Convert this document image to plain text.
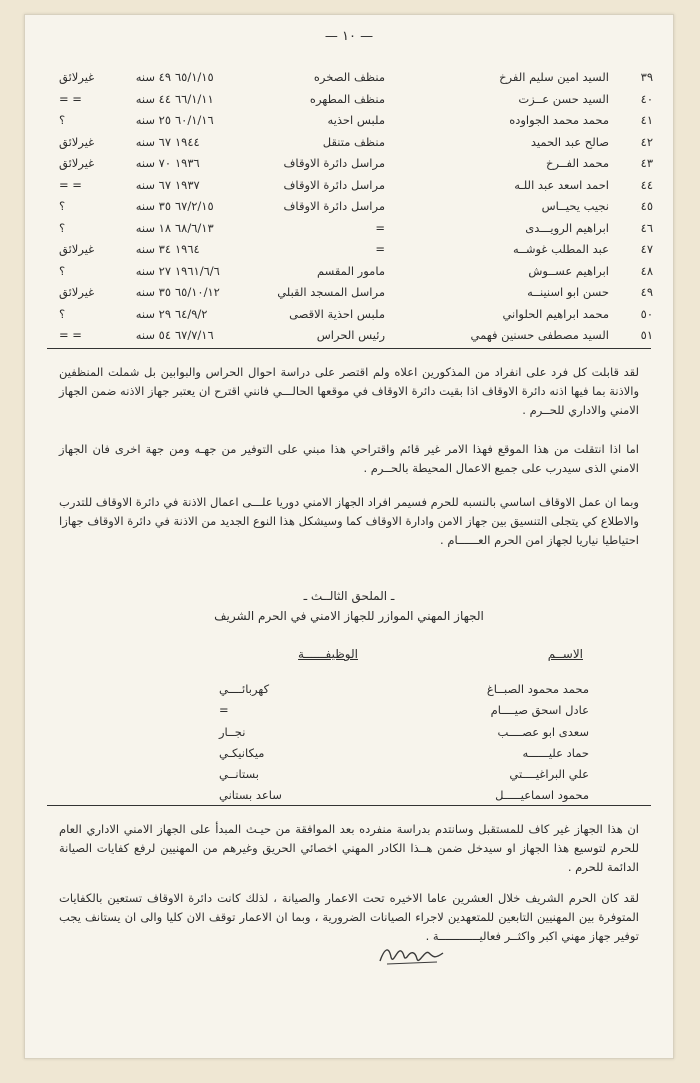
— ١٠ —
٣٩
السيد امين سليم الفرخ
منظف الصخره
٦٥/١/١٥
٤٩ سنه
غيرلائق
٤٠
السيد حسن عــزت
منظف المطهره
٦٦/١/١١
٤٤ سنه
= =
٤١
محمد محمد الجواوده
ملبس احذيه
٦٠/١/١٦
٢٥ سنه
؟
٤٢
صالح عبد الحميد
منظف متنقل
١٩٤٤
٦٧ سنه
غيرلائق
٤٣
محمد الفــرخ
مراسل دائرة الاوقاف
١٩٣٦
٧٠ سنه
غيرلائق
٤٤
احمد اسعد عبد اللـه
مراسل دائرة الاوقاف
١٩٣٧
٦٧ سنه
= =
٤٥
نجيب يحيــاس
مراسل دائرة الاوقاف
٦٧/٢/١٥
٣٥ سنه
؟
٤٦
ابراهيم الرويـــدى
=
٦٨/٦/١٣
١٨ سنه
؟
٤٧
عبد المطلب غوشــه
=
١٩٦٤
٣٤ سنه
غيرلائق
٤٨
ابراهيم عســوش
مامور المقسم
١٩٦١/٦/٦
٢٧ سنه
؟
٤٩
حسن ابو اسنينــه
مراسل المسجد القبلي
٦٥/١٠/١٢
٣٥ سنه
غيرلائق
٥٠
محمد ابراهيم الحلواني
ملبس احذية الاقصى
٦٤/٩/٢
٢٩ سنه
؟
٥١
السيد مصطفى حسنين فهمي
رئيس الحراس
٦٧/٧/١٦
٥٤ سنه
= =

لقد قابلت كل فرد على انفراد من المذكورين اعلاه ولم اقتصر على دراسة احوال الحراس والبوابين بل شملت المنظفين والاذنة بما فيها اذنه دائرة الاوقاف اذا بقيت دائرة الاوقاف في موقعها الحالـــي فانني اقترح ان يعتبر جهاز الاذنه ضمن الجهاز الامني والاداري للحــرم .

اما اذا انتقلت من هذا الموقع فهذا الامر غير قائم واقتراحي هذا مبني على التوفير من جهـه ومن جهة اخرى فان الجهاز الامني الذى سيدرب على جميع الاعمال المحيطة بالحــرم .

وبما ان عمل الاوقاف اساسي بالنسبه للحرم فسيمر افراد الجهاز الامني دوريا علـــى اعمال الاذنة في دائرة الاوقاف للتدرب والاطلاع كي يتجلى التنسيق بين جهاز الامن وادارة الاوقاف كما وسيشكل هذا النوع الجديد من الاذنة في دائرة الاوقاف جهازا احتياطيا نياريا لجهاز امن الحرم العــــــام .

ـ الملحق الثالــث ـ
الجهاز المهني الموازر للجهاز الامني في الحرم الشريف
الاســم
الوظيفــــــة
محمد محمود الصبــاغ
كهربائــــي
عادل اسحق صيــــام
=
سعدى ابو عصــــب
نجــار
حماد عليــــــه
ميكانيكـي
علي البراغيــــتي
بستانــي
محمود اسماعيـــــل
ساعد بستاني

ان هذا الجهاز غير كاف للمستقبل وسانتدم بدراسة منفرده بعد الموافقة من حيـث المبدأ على الجهاز الامني الاداري العام للحرم لتوسيع هذا الجهاز او سيدخل ضمن هــذا الكادر المهني اخصائي الحريق وغيرهم من المهنيين لرفع كفايات الصيانة الدائمة للحرم .

لقد كان الحرم الشريف خلال العشرين عاما الاخيره تحت الاعمار والصيانة ، لذلك كانت دائرة الاوقاف تستعين بالكفايات المتوفرة بين المهنيين التابعين للمتعهدين لاجراء الصيانات الضرورية ، وبما ان الاعمار توقف الان كليا والى ان يستانف يجب توفير جهاز مهني اكبر واكثــر فعاليــــــــــــة .
